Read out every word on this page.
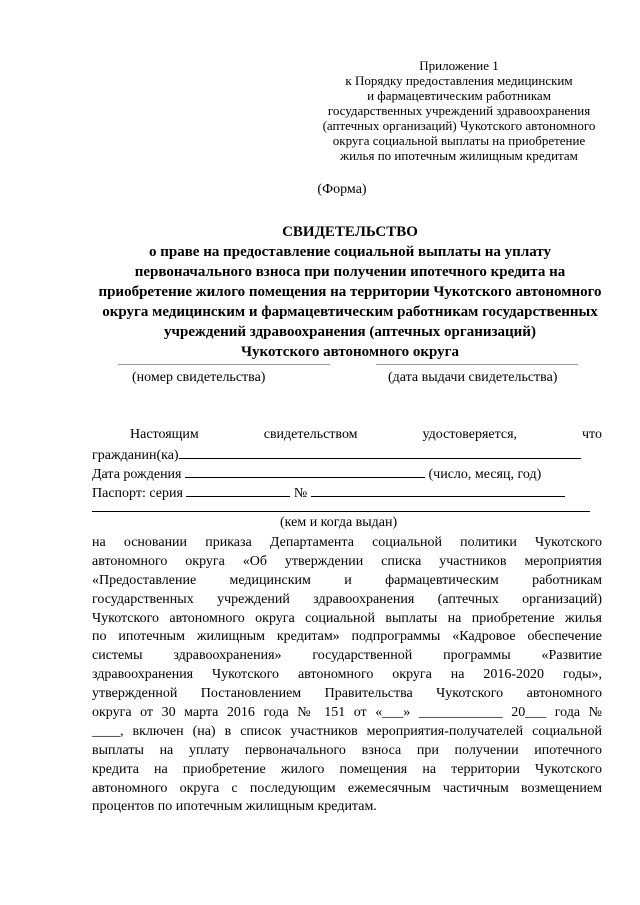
Приложение 1
к Порядку предоставления медицинским
и фармацевтическим работникам
государственных учреждений здравоохранения
(аптечных организаций) Чукотского автономного
округа социальной выплаты на приобретение
жилья по ипотечным жилищным кредитам
(Форма)
СВИДЕТЕЛЬСТВО
о праве на предоставление социальной выплаты на уплату
первоначального взноса при получении ипотечного кредита на
приобретение жилого помещения на территории Чукотского автономного
округа медицинским и фармацевтическим работникам государственных
учреждений здравоохранения (аптечных организаций)
Чукотского автономного округа
(номер свидетельства)	(дата выдачи свидетельства)
Настоящим	свидетельством	удостоверяется,	что
гражданин(ка)
Дата рождения	(число, месяц, год)
Паспорт: серия	№
(кем и когда выдан)
на основании приказа Департамента социальной политики Чукотского
автономного округа «Об утверждении списка участников мероприятия
«Предоставление медицинским и фармацевтическим работникам
государственных учреждений здравоохранения (аптечных организаций)
Чукотского автономного округа социальной выплаты на приобретение жилья
по ипотечным жилищным кредитам» подпрограммы «Кадровое обеспечение
системы здравоохранения» государственной программы «Развитие
здравоохранения Чукотского автономного округа на 2016-2020 годы»,
утвержденной Постановлением Правительства Чукотского автономного
округа от 30 марта 2016 года № 151 от «___» ____________ 20___ года №
____, включен (на) в список участников мероприятия-получателей социальной
выплаты на уплату первоначального взноса при получении ипотечного
кредита на приобретение жилого помещения на территории Чукотского
автономного округа с последующим ежемесячным частичным возмещением
процентов по ипотечным жилищным кредитам.
